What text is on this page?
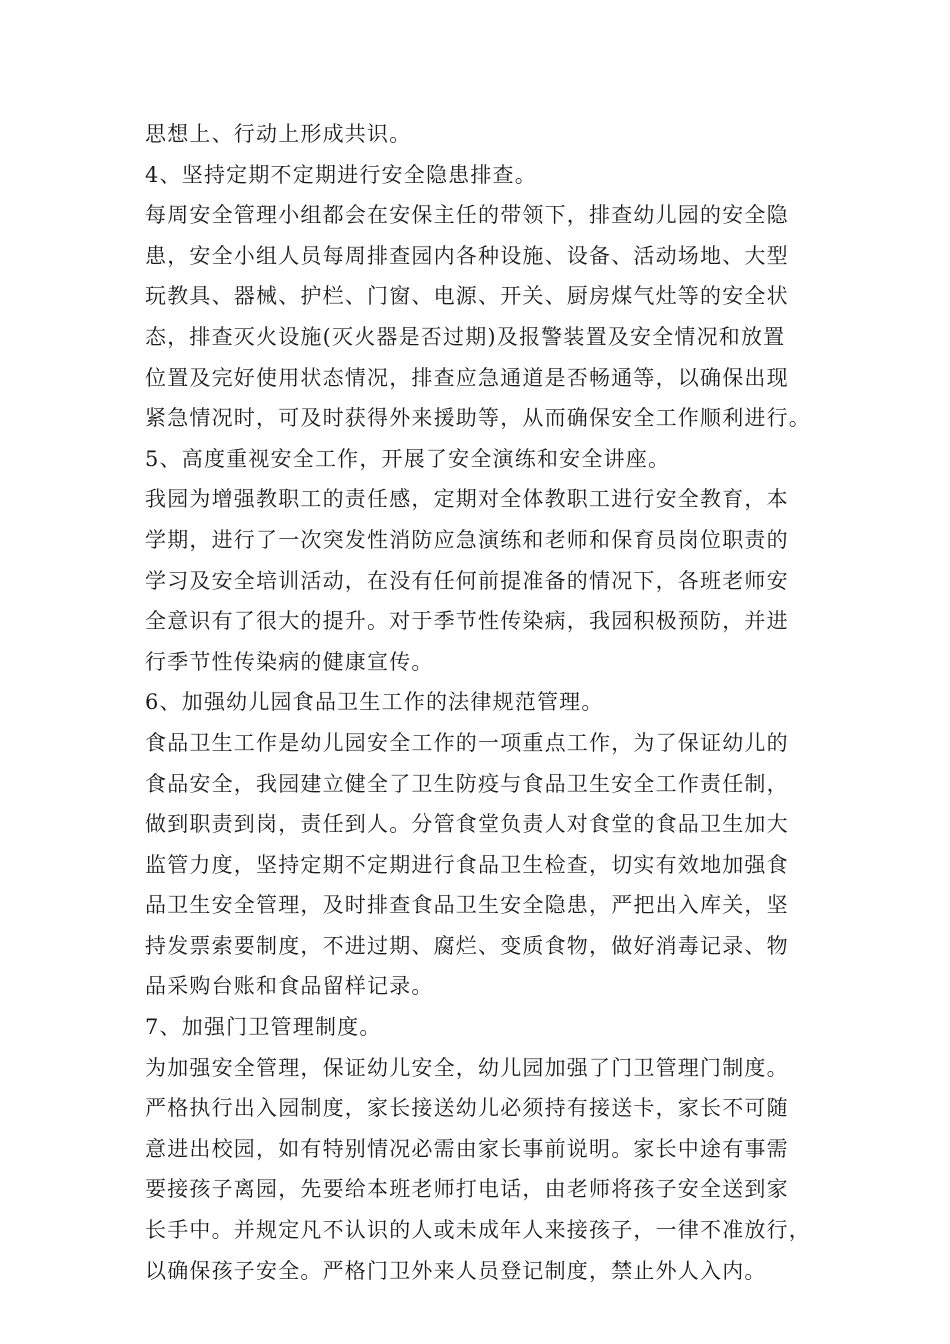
思想上、行动上形成共识。
4、坚持定期不定期进行安全隐患排查。
每周安全管理小组都会在安保主任的带领下，排查幼儿园的安全隐
患，安全小组人员每周排查园内各种设施、设备、活动场地、大型
玩教具、器械、护栏、门窗、电源、开关、厨房煤气灶等的安全状
态，排查灭火设施(灭火器是否过期)及报警装置及安全情况和放置
位置及完好使用状态情况，排查应急通道是否畅通等，以确保出现
紧急情况时，可及时获得外来援助等，从而确保安全工作顺利进行。
5、高度重视安全工作，开展了安全演练和安全讲座。
我园为增强教职工的责任感，定期对全体教职工进行安全教育，本
学期，进行了一次突发性消防应急演练和老师和保育员岗位职责的
学习及安全培训活动，在没有任何前提准备的情况下，各班老师安
全意识有了很大的提升。对于季节性传染病，我园积极预防，并进
行季节性传染病的健康宣传。
6、加强幼儿园食品卫生工作的法律规范管理。
食品卫生工作是幼儿园安全工作的一项重点工作，为了保证幼儿的
食品安全，我园建立健全了卫生防疫与食品卫生安全工作责任制，
做到职责到岗，责任到人。分管食堂负责人对食堂的食品卫生加大
监管力度，坚持定期不定期进行食品卫生检查，切实有效地加强食
品卫生安全管理，及时排查食品卫生安全隐患，严把出入库关，坚
持发票索要制度，不进过期、腐烂、变质食物，做好消毒记录、物
品采购台账和食品留样记录。
7、加强门卫管理制度。
为加强安全管理，保证幼儿安全，幼儿园加强了门卫管理门制度。
严格执行出入园制度，家长接送幼儿必须持有接送卡，家长不可随
意进出校园，如有特别情况必需由家长事前说明。家长中途有事需
要接孩子离园，先要给本班老师打电话，由老师将孩子安全送到家
长手中。并规定凡不认识的人或未成年人来接孩子，一律不准放行，
以确保孩子安全。严格门卫外来人员登记制度，禁止外人入内。
